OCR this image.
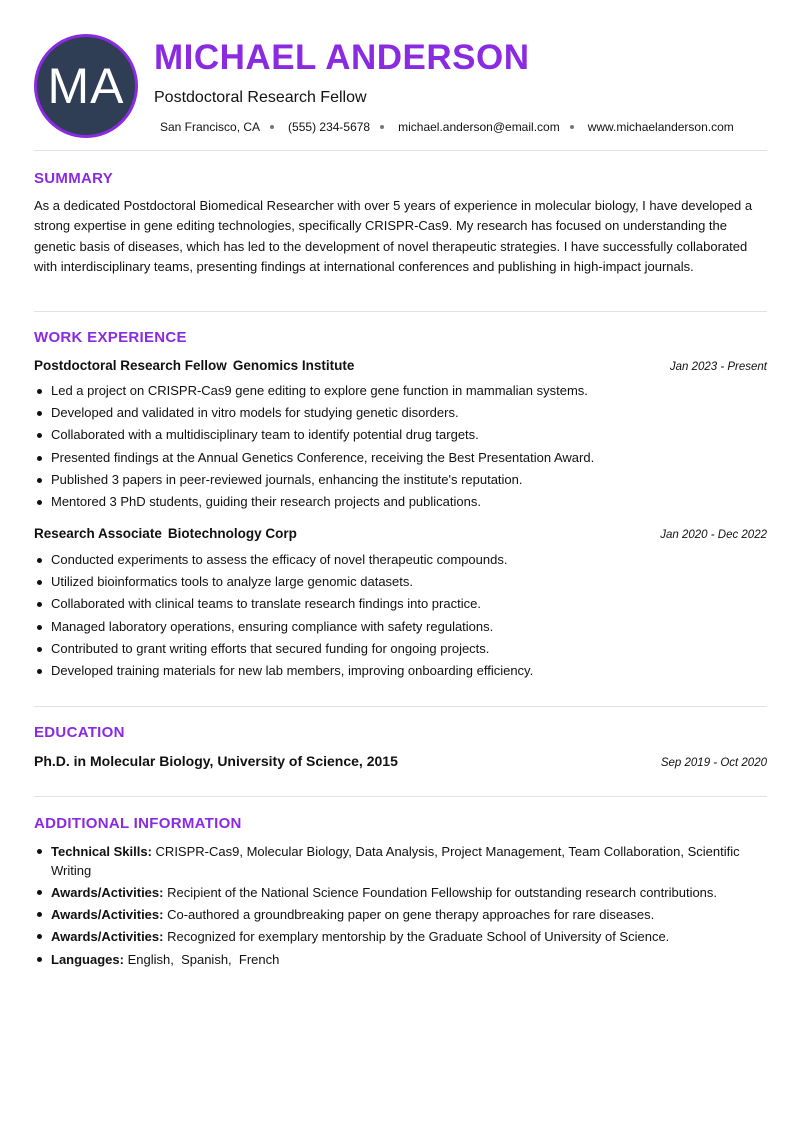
MA
MICHAEL ANDERSON
Postdoctoral Research Fellow
San Francisco, CA (555) 234-5678 michael.anderson@email.com www.michaelanderson.com
SUMMARY
As a dedicated Postdoctoral Biomedical Researcher with over 5 years of experience in molecular biology, I have developed a strong expertise in gene editing technologies, specifically CRISPR-Cas9. My research has focused on understanding the genetic basis of diseases, which has led to the development of novel therapeutic strategies. I have successfully collaborated with interdisciplinary teams, presenting findings at international conferences and publishing in high-impact journals.
WORK EXPERIENCE
Postdoctoral Research Fellow Genomics Institute	Jan 2023 - Present
Led a project on CRISPR-Cas9 gene editing to explore gene function in mammalian systems.
Developed and validated in vitro models for studying genetic disorders.
Collaborated with a multidisciplinary team to identify potential drug targets.
Presented findings at the Annual Genetics Conference, receiving the Best Presentation Award.
Published 3 papers in peer-reviewed journals, enhancing the institute's reputation.
Mentored 3 PhD students, guiding their research projects and publications.
Research Associate Biotechnology Corp	Jan 2020 - Dec 2022
Conducted experiments to assess the efficacy of novel therapeutic compounds.
Utilized bioinformatics tools to analyze large genomic datasets.
Collaborated with clinical teams to translate research findings into practice.
Managed laboratory operations, ensuring compliance with safety regulations.
Contributed to grant writing efforts that secured funding for ongoing projects.
Developed training materials for new lab members, improving onboarding efficiency.
EDUCATION
Ph.D. in Molecular Biology, University of Science, 2015	Sep 2019 - Oct 2020
ADDITIONAL INFORMATION
Technical Skills: CRISPR-Cas9, Molecular Biology, Data Analysis, Project Management, Team Collaboration, Scientific Writing
Awards/Activities: Recipient of the National Science Foundation Fellowship for outstanding research contributions.
Awards/Activities: Co-authored a groundbreaking paper on gene therapy approaches for rare diseases.
Awards/Activities: Recognized for exemplary mentorship by the Graduate School of University of Science.
Languages: English,  Spanish,  French
